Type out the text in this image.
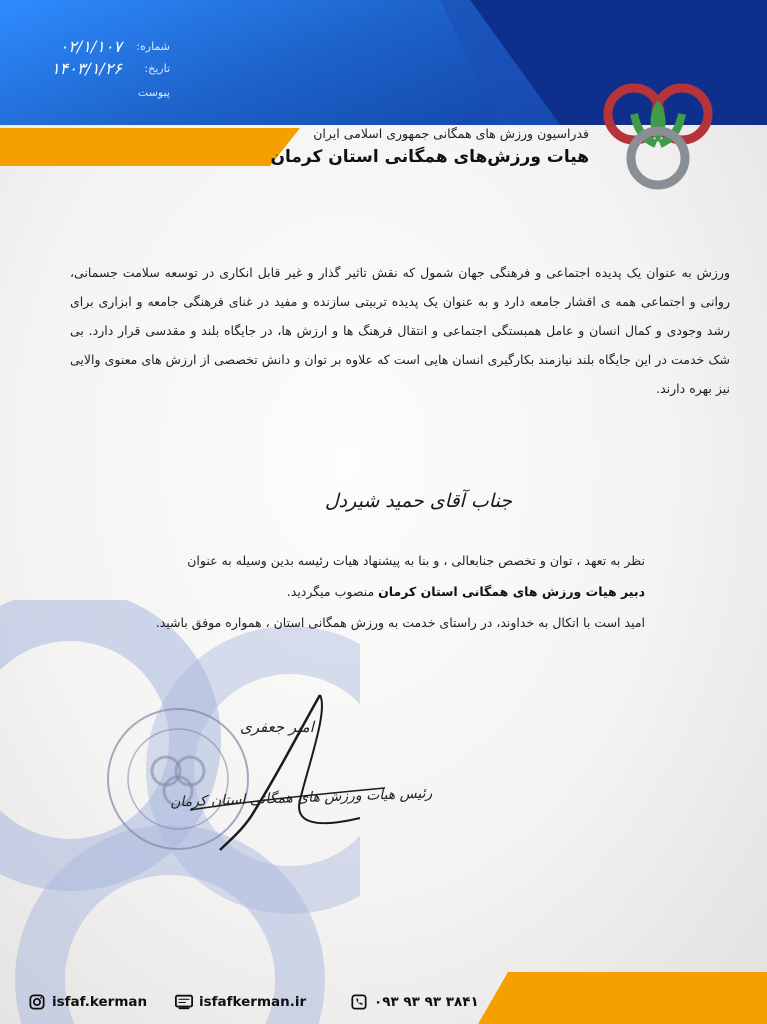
شماره:
۰۲/۱/۱۰۷
تاریخ:
۱۴۰۳/۱/۲۶
پیوست

فدراسیون ورزش های همگانی جمهوری اسلامی ایران

هیات ورزش‌های همگانی استان کرمان

ورزش به عنوان یک پدیده اجتماعی و فرهنگی جهان شمول که نقش تاثیر گذار و غیر قابل انکاری در توسعه سلامت جسمانی، روانی و اجتماعی همه ی اقشار جامعه دارد و به عنوان یک پدیده تربیتی سازنده و مفید در غنای فرهنگی جامعه و ابزاری برای رشد وجودی و کمال انسان و عامل همبستگی اجتماعی و انتقال فرهنگ ها و ارزش ها، در جایگاه بلند و مقدسی قرار دارد. بی شک خدمت در این جایگاه بلند نیازمند بکارگیری انسان هایی است که علاوه بر توان و دانش تخصصی از ارزش های معنوی والایی نیز بهره دارند.

جناب آقای حمید شیردل

نظر به تعهد ، توان و تخصص جنابعالی ، و بنا به پیشنهاد هیات رئیسه بدین وسیله به عنوان

دبیر هیات ورزش های همگانی استان کرمان منصوب میگردید.

امید است با اتکال به خداوند، در راستای خدمت به ورزش همگانی استان ، همواره موفق باشید.

امیر جعفری
رئیس هیات ورزش های همگانی استان کرمان
isfaf.kerman	isfafkerman.ir	۰۹۳ ۹۳ ۹۳ ۳۸۴۱
